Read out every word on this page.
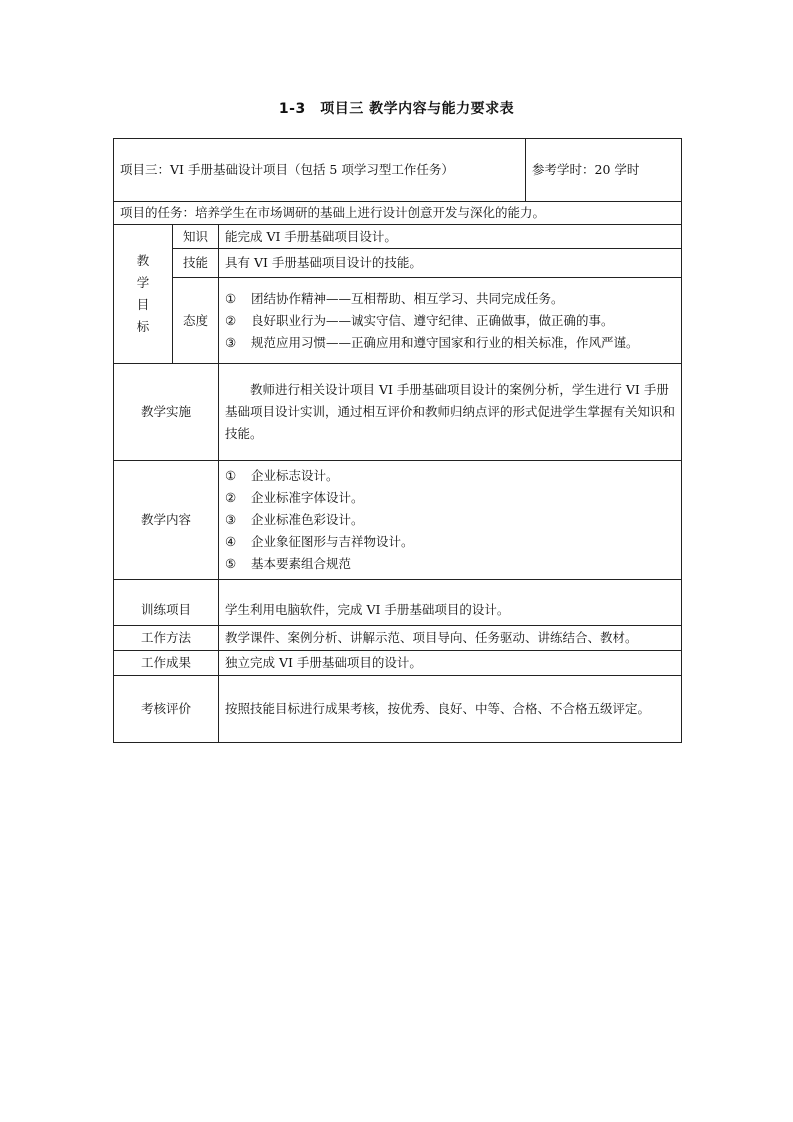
1-3　项目三 教学内容与能力要求表
项目三：VI 手册基础设计项目（包括 5 项学习型工作任务）			参考学时：20 学时
项目的任务：培养学生在市场调研的基础上进行设计创意开发与深化的能力。			

教
学
目
标	知识	能完成 VI 手册基础项目设计。	
	技能	具有 VI 手册基础项目设计的技能。	
	态度	① 团结协作精神——互相帮助、相互学习、共同完成任务。
② 良好职业行为——诚实守信、遵守纪律、正确做事，做正确的事。
③ 规范应用习惯——正确应用和遵守国家和行业的相关标准，作风严谨。	

教学实施		教师进行相关设计项目 VI 手册基础项目设计的案例分析，学生进行 VI 手册基础项目设计实训，通过相互评价和教师归纳点评的形式促进学生掌握有关知识和技能。	
教学内容		① 企业标志设计。
② 企业标准字体设计。
③ 企业标准色彩设计。
④ 企业象征图形与吉祥物设计。
⑤ 基本要素组合规范	

训练项目		学生利用电脑软件，完成 VI 手册基础项目的设计。	
工作方法		教学课件、案例分析、讲解示范、项目导向、任务驱动、讲练结合、教材。	
工作成果		独立完成 VI 手册基础项目的设计。	
考核评价		按照技能目标进行成果考核，按优秀、良好、中等、合格、不合格五级评定。	
